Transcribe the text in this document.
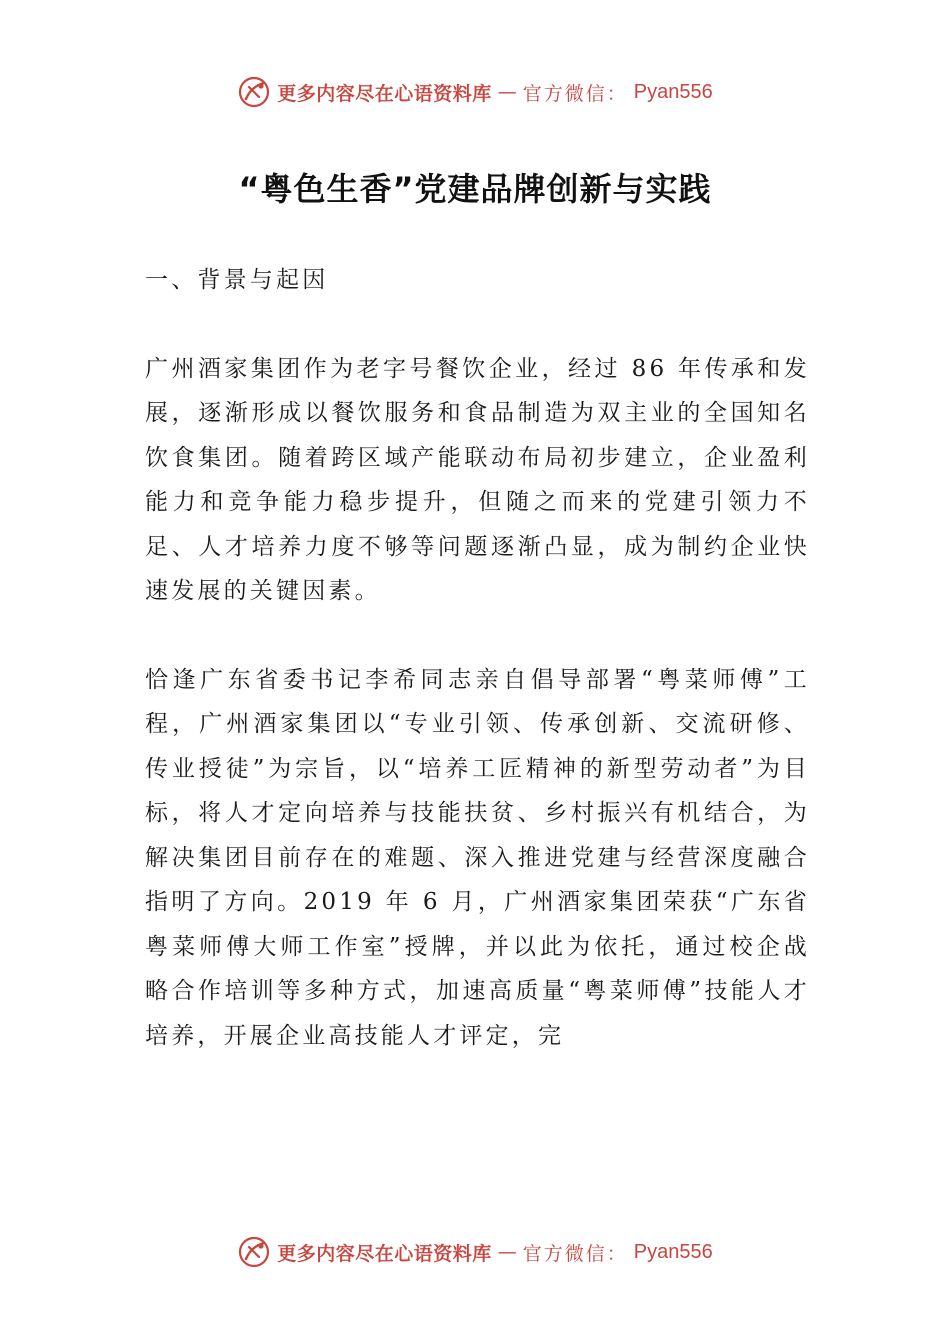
更多内容尽在心语资料库 — 官方微信： Pyan556
“粤色生香”党建品牌创新与实践

一、背景与起因

广州酒家集团作为老字号餐饮企业，经过 86 年传承和发展，逐渐形成以餐饮服务和食品制造为双主业的全国知名饮食集团。随着跨区域产能联动布局初步建立，企业盈利能力和竞争能力稳步提升，但随之而来的党建引领力不足、人才培养力度不够等问题逐渐凸显，成为制约企业快速发展的关键因素。

恰逢广东省委书记李希同志亲自倡导部署“粤菜师傅”工程，广州酒家集团以“专业引领、传承创新、交流研修、传业授徒”为宗旨，以“培养工匠精神的新型劳动者”为目标，将人才定向培养与技能扶贫、乡村振兴有机结合，为解决集团目前存在的难题、深入推进党建与经营深度融合指明了方向。2019 年 6 月，广州酒家集团荣获“广东省粤菜师傅大师工作室”授牌，并以此为依托，通过校企战略合作培训等多种方式，加速高质量“粤菜师傅”技能人才培养，开展企业高技能人才评定，完

更多内容尽在心语资料库 — 官方微信： Pyan556
